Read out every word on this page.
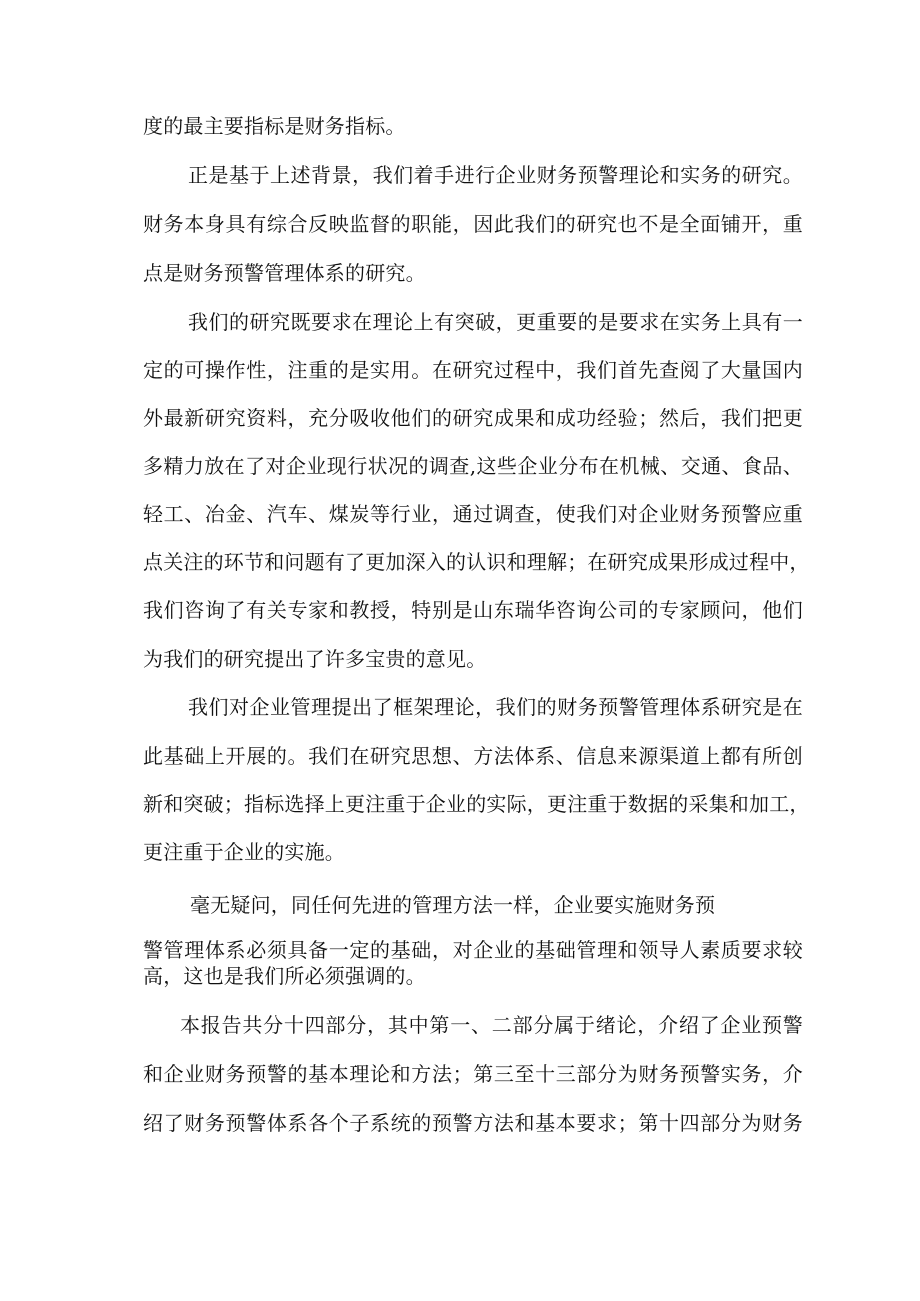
度的最主要指标是财务指标。
正是基于上述背景，我们着手进行企业财务预警理论和实务的研究。
财务本身具有综合反映监督的职能，因此我们的研究也不是全面铺开，重
点是财务预警管理体系的研究。
我们的研究既要求在理论上有突破，更重要的是要求在实务上具有一
定的可操作性，注重的是实用。在研究过程中，我们首先查阅了大量国内
外最新研究资料，充分吸收他们的研究成果和成功经验；然后，我们把更
多精力放在了对企业现行状况的调查,这些企业分布在机械、交通、食品、
轻工、冶金、汽车、煤炭等行业，通过调查，使我们对企业财务预警应重
点关注的环节和问题有了更加深入的认识和理解；在研究成果形成过程中，
我们咨询了有关专家和教授，特别是山东瑞华咨询公司的专家顾问，他们
为我们的研究提出了许多宝贵的意见。
我们对企业管理提出了框架理论，我们的财务预警管理体系研究是在
此基础上开展的。我们在研究思想、方法体系、信息来源渠道上都有所创
新和突破；指标选择上更注重于企业的实际，更注重于数据的采集和加工，
更注重于企业的实施。
毫无疑问，同任何先进的管理方法一样，企业要实施财务预
警管理体系必须具备一定的基础，对企业的基础管理和领导人素质要求较
高，这也是我们所必须强调的。
本报告共分十四部分，其中第一、二部分属于绪论，介绍了企业预警
和企业财务预警的基本理论和方法；第三至十三部分为财务预警实务，介
绍了财务预警体系各个子系统的预警方法和基本要求；第十四部分为财务
